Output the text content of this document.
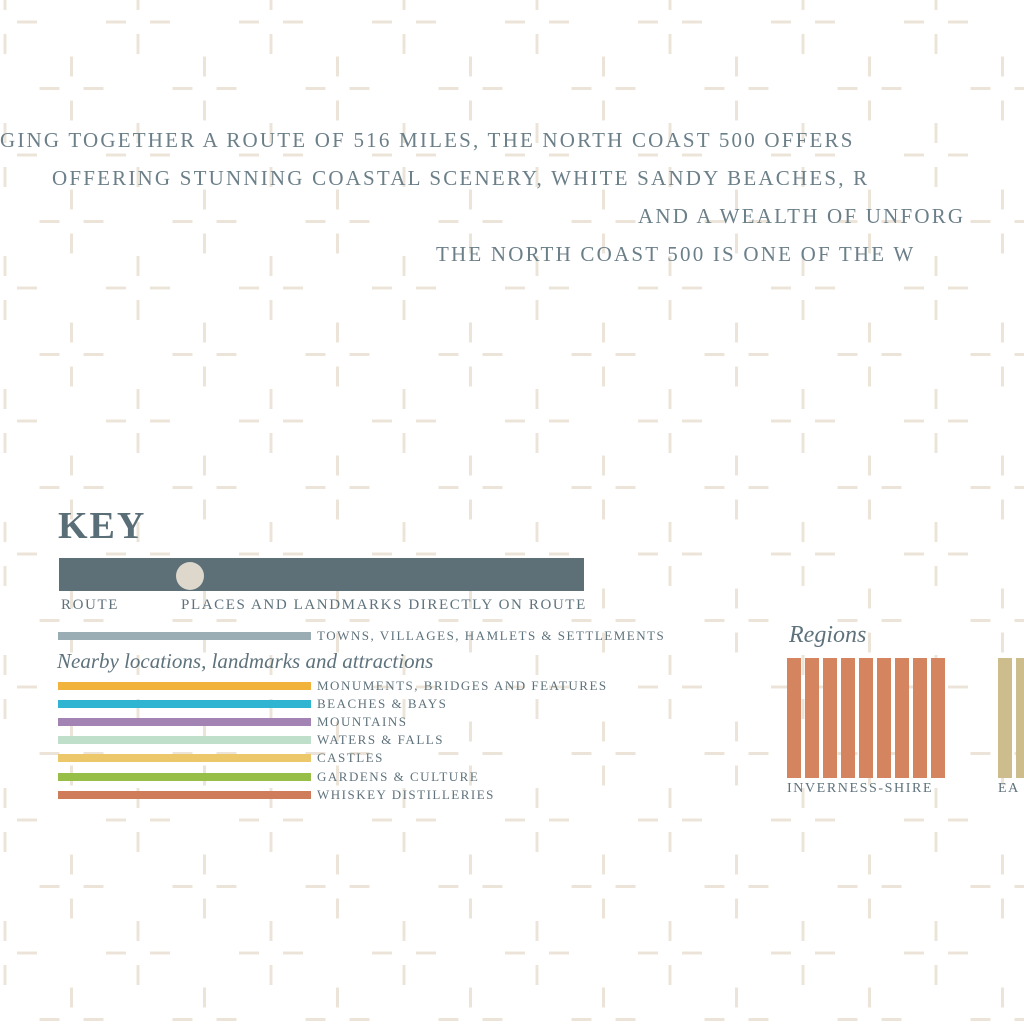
GING TOGETHER A ROUTE OF 516 MILES, THE NORTH COAST 500 OFFERS
OFFERING STUNNING COASTAL SCENERY, WHITE SANDY BEACHES, R
AND A WEALTH OF UNFORG
THE NORTH COAST 500 IS ONE OF THE W
KEY
ROUTE	PLACES AND LANDMARKS DIRECTLY ON ROUTE
TOWNS, VILLAGES, HAMLETS & SETTLEMENTS
Nearby locations, landmarks and attractions
MONUMENTS, BRIDGES AND FEATURES
BEACHES & BAYS
MOUNTAINS
WATERS & FALLS
CASTLES
GARDENS & CULTURE
WHISKEY DISTILLERIES
Regions
INVERNESS-SHIRE	EA
